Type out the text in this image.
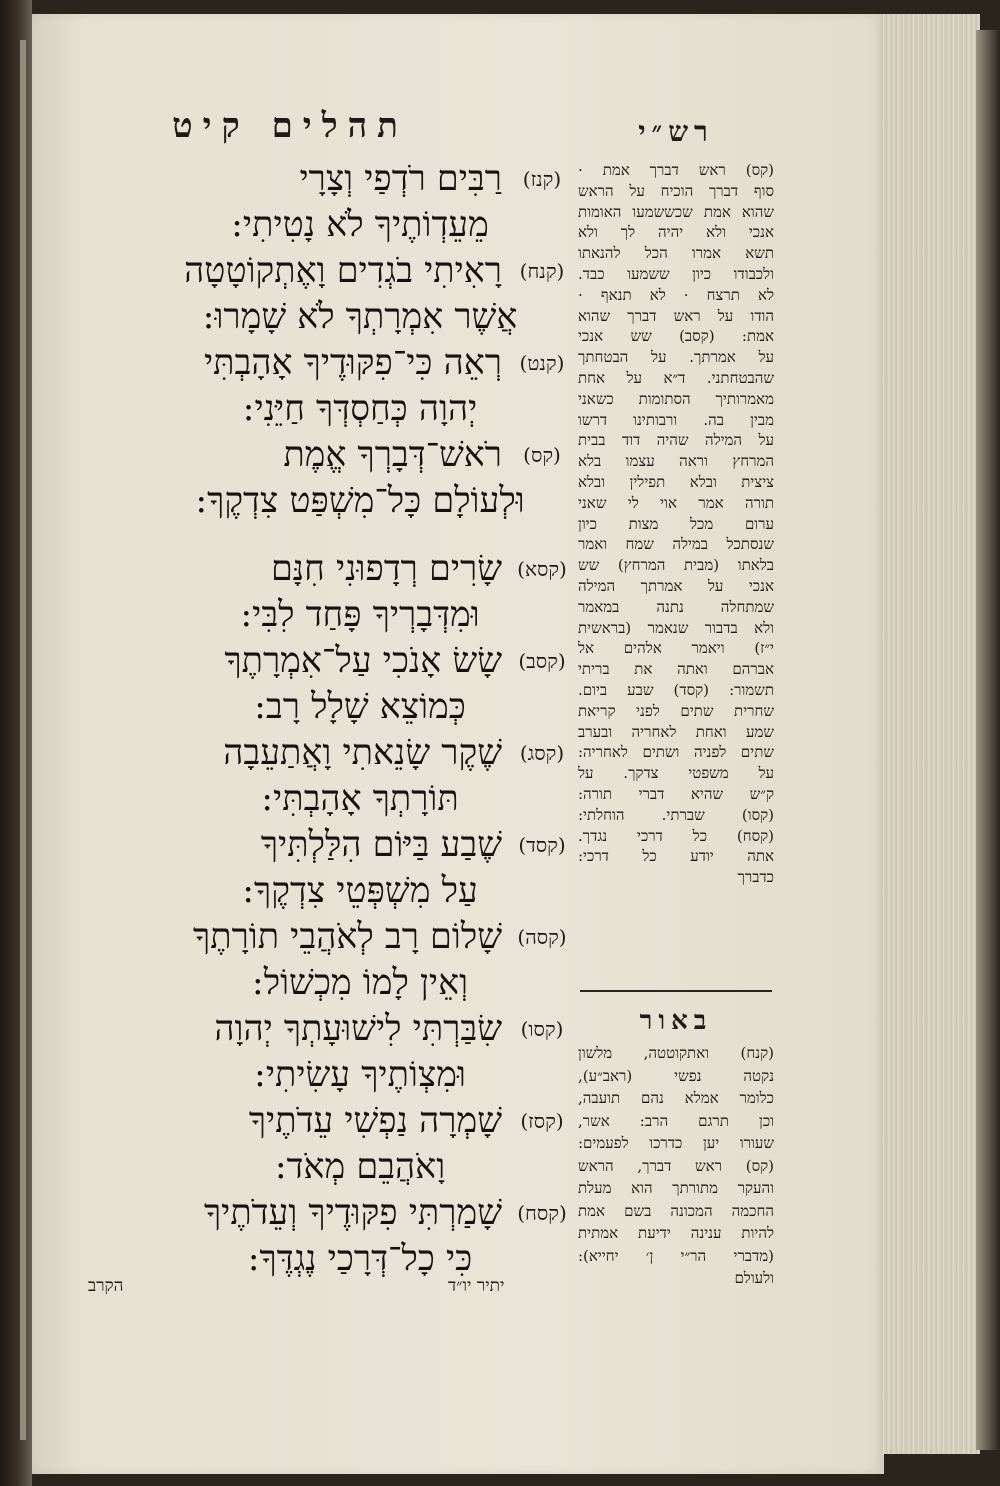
תהלים קיט
(קנז)
רַבִּים רֹדְפַי וְצָרָי
מֵעֵדְוֹתֶיךָ לֹא נָטִיתִי:
(קנח)
רָאִיתִי בֹגְדִים וָאֶתְקוֹטָטָה
אֲשֶׁר אִמְרָתְךָ לֹא שָׁמָרוּ:
(קנט)
רְאֵה כִּי־פִקּוּדֶיךָ אָהָבְתִּי
יְהוָה כְּחַסְדְּךָ חַיֵּנִי:
(קס)
רֹאשׁ־דְּבָרְךָ אֱמֶת
וּלְעוֹלָם כָּל־מִשְׁפַּט צִדְקֶךָ:
(קסא)
שָׂרִים רְדָפוּנִי חִנָּם
וּמִדְּבָרְיךָ פָּחַד לִבִּי:
(קסב)
שָׂשׂ אָנֹכִי עַל־אִמְרָתֶךָ
כְּמוֹצֵא שָׁלָל רָב:
(קסג)
שֶׁקֶר שָׂנֵאתִי וָאֲתַעֵבָה
תּוֹרָתְךָ אָהָבְתִּי:
(קסד)
שֶׁבַע בַּיּוֹם הִלַּלְתִּיךָ
עַל מִשְׁפְּטֵי צִדְקֶךָ:
(קסה)
שָׁלוֹם רָב לְאֹהֲבֵי תוֹרָתֶךָ
וְאֵין לָמוֹ מִכְשׁוֹל:
(קסו)
שִׂבַּרְתִּי לִישׁוּעָתְךָ יְהוָה
וּמִצְוֹתֶיךָ עָשִׂיתִי:
(קסז)
שָׁמְרָה נַפְשִׁי עֵדֹתֶיךָ
וָאֹהֲבֵם מְאֹד:
(קסח)
שָׁמַרְתִּי פִקּוּדֶיךָ וְעֵדֹתֶיךָ
כִּי כָל־דְּרָכַי נֶגְדֶּךָ:
רש״י
(קס) ראש דברך אמת ·
סוף דברך הוכיח על הראש
שהוא אמת שכששמעו האומות
אנכי ולא יהיה לך ולא
תשא אמרו הכל להנאתו
ולכבודו כיון ששמעו כבד.
לא תרצח · לא תנאף ·
הודו על ראש דברך שהוא
אמת: (קסב) שש אנכי
על אמרתך. על הבטחתך
שהבטחתני. ד״א על אחת
מאמרותיך הסתומות כשאני
מבין בה. ורבותינו דרשו
על המילה שהיה דוד בבית
המרחץ וראה עצמו בלא
ציצית ובלא תפילין ובלא
תורה אמר אוי לי שאני
ערום מכל מצות כיון
שנסתכל במילה שמח ואמר
בלאתו (מבית המרחץ) שש
אנכי על אמרתך המילה
שמתחלה נתנה במאמר
ולא בדבור שנאמר (בראשית
י״ז) ויאמר אלהים אל
אברהם ואתה את בריתי
תשמור: (קסד) שבע ביום.
שחרית שתים לפני קריאת
שמע ואחת לאחריה ובערב
שתים לפניה ושתים לאחריה:
על משפטי צדקך. על
ק״ש שהיא דברי תורה:
(קסו) שברתי. הוחלתי:
(קסח) כל דרכי נגדך.
אתה יודע כל דרכי:
כדברך
באור
(קנח) ואתקוטטה, מלשון
נקטה נפשי (ראב״ע),
כלומר אמלא נהם תועבה,
וכן תרגם הרב: אשר,
שעורו יען כדרכו לפעמים:
(קס) ראש דברך, הראש
והעקר מתורתך הוא מעלת
החכמה המכונה בשם אמת
להיות ענינה ידיעת אמתית
(מדברי הר״י ן׳ יחייא):
ולעולם
הקרב	יתיר יו״ד
